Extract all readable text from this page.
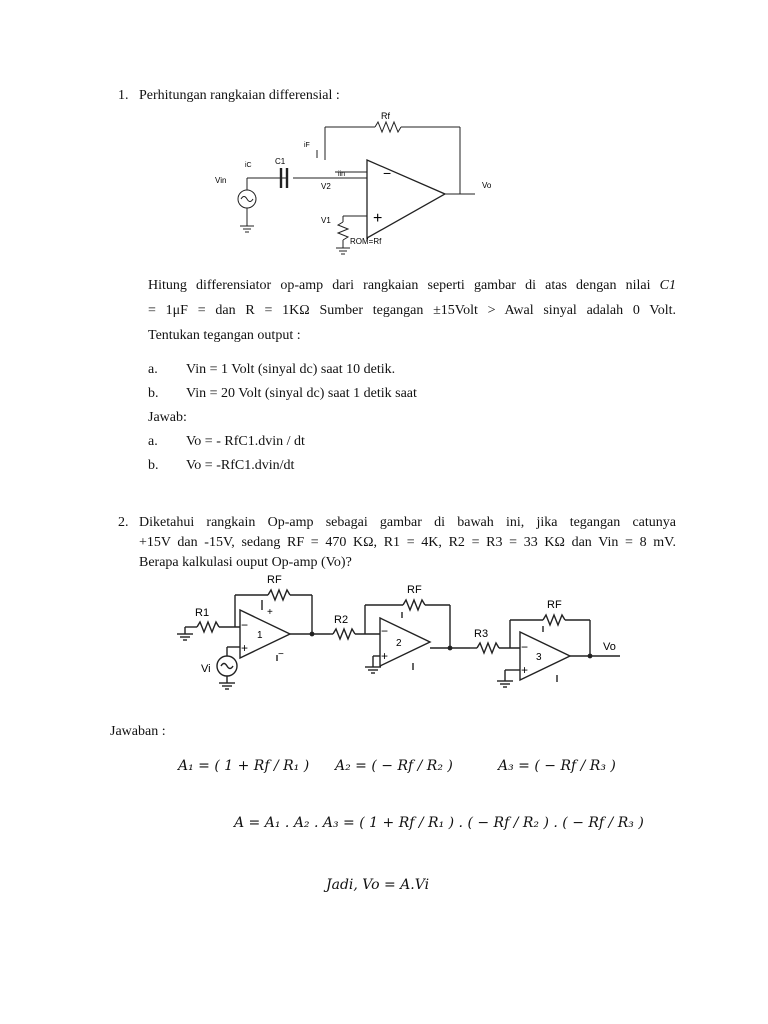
1. Perhitungan rangkaian differensial :
−
+
Rf
iF
iC	C1
iin
Vin
V2
V1
Vo
ROM=Rf
Hitung differensiator op-amp dari rangkaian seperti gambar di atas dengan nilai C1
= 1μF = dan R = 1KΩ Sumber tegangan ±15Volt > Awal sinyal adalah 0 Volt.
Tentukan tegangan output :
a. Vin = 1 Volt (sinyal dc) saat 10 detik.
b. Vin = 20 Volt (sinyal dc) saat 1 detik saat
Jawab:
a. Vo = - RfC1.dvin / dt
b. Vo = -RfC1.dvin/dt
2. Diketahui rangkain Op-amp sebagai gambar di bawah ini, jika tegangan catunya
+15V dan -15V, sedang RF = 470 KΩ, R1 = 4K, R2 = R3 = 33 KΩ dan Vin = 8 mV.
Berapa kalkulasi ouput Op-amp (Vo)?
R1
RF
−
+
1
+
−
Vi
R2
RF
−
+
2
R3
RF
−
+
3
Vo
Jawaban :
A₁ = ( 1 + Rf / R₁ ) A₂ = ( − Rf / R₂ )	A₃ = ( − Rf / R₃ )
A = A₁ . A₂ . A₃ = ( 1 + Rf / R₁ ) . ( − Rf / R₂ ) . ( − Rf / R₃ )
Jadi, Vo = A.Vi
